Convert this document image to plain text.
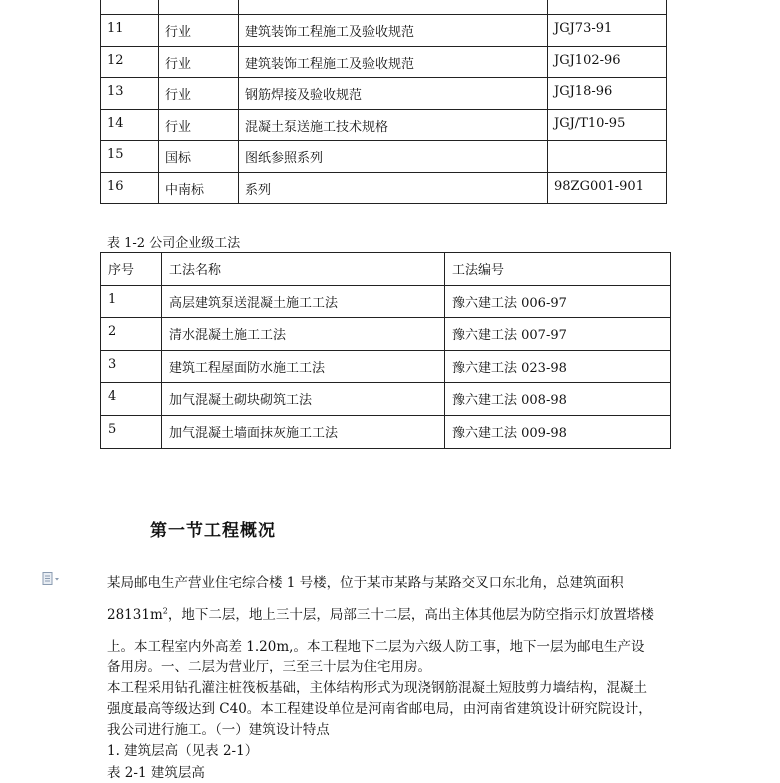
11	行业	建筑装饰工程施工及验收规范	JGJ73-91
12	行业	建筑装饰工程施工及验收规范	JGJ102-96
13	行业	钢筋焊接及验收规范	JGJ18-96
14	行业	混凝土泵送施工技术规格	JGJ/T10-95
15	国标	图纸参照系列	
16	中南标	系列	98ZG001-901
表 1-2 公司企业级工法
序号	工法名称	工法编号
1	高层建筑泵送混凝土施工工法	豫六建工法 006-97
2	清水混凝土施工工法	豫六建工法 007-97
3	建筑工程屋面防水施工工法	豫六建工法 023-98
4	加气混凝土砌块砌筑工法	豫六建工法 008-98
5	加气混凝土墙面抹灰施工工法	豫六建工法 009-98
第一节工程概况
某局邮电生产营业住宅综合楼 1 号楼，位于某市某路与某路交叉口东北角，总建筑面积
$28131m^2$，地下二层，地上三十层，局部三十二层，高出主体其他层为防空指示灯放置塔楼
上。本工程室内外高差 1.20m,。本工程地下二层为六级人防工事，地下一层为邮电生产设
备用房。一、二层为营业厅，三至三十层为住宅用房。
本工程采用钻孔灌注桩筏板基础，主体结构形式为现浇钢筋混凝土短肢剪力墙结构，混凝土
强度最高等级达到 C40。本工程建设单位是河南省邮电局，由河南省建筑设计研究院设计，
我公司进行施工。（一）建筑设计特点
1. 建筑层高（见表 2-1）
表 2-1 建筑层高
